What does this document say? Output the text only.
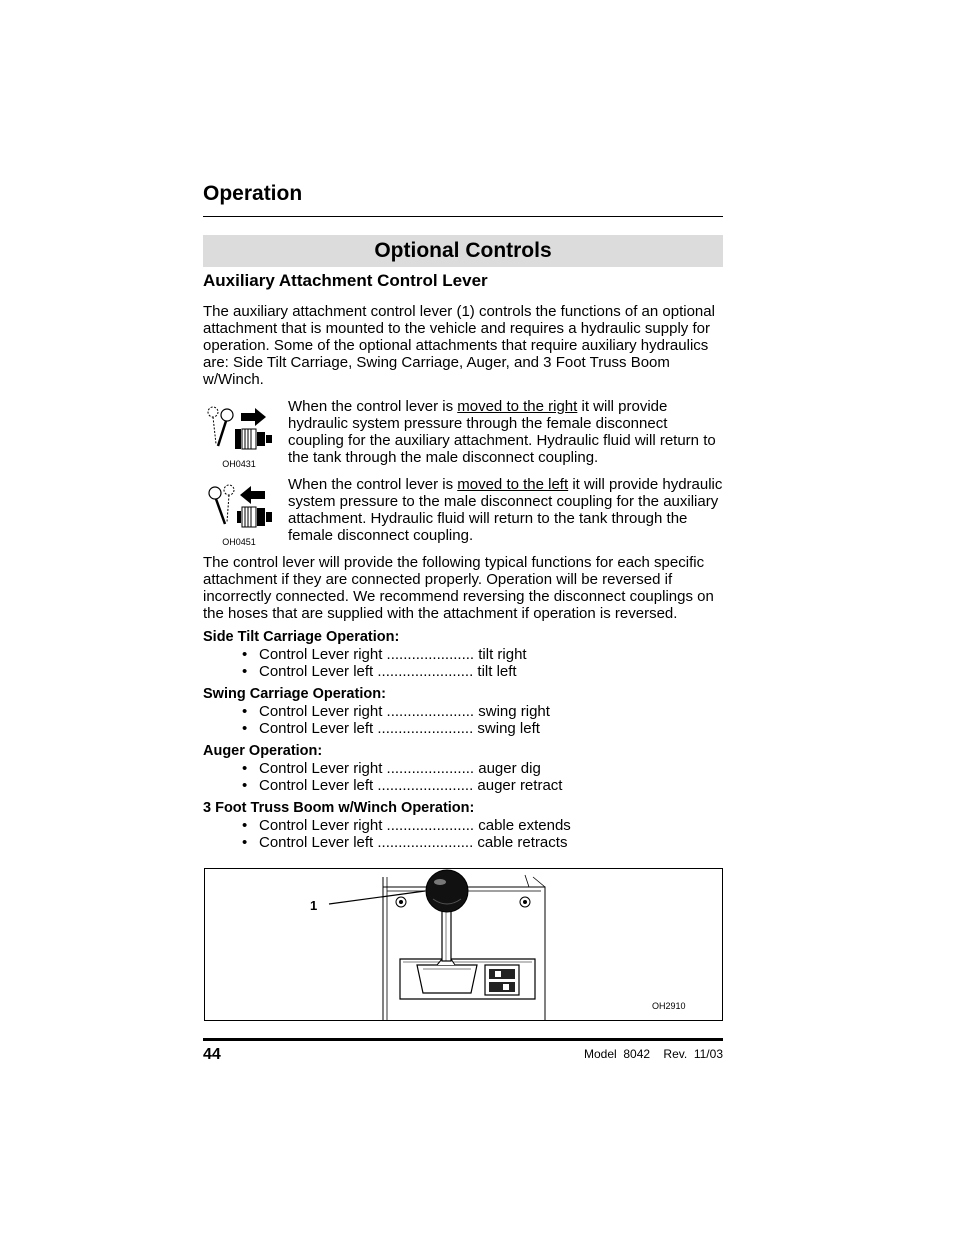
Operation
Optional Controls
Auxiliary Attachment Control Lever

The auxiliary attachment control lever (1) controls the functions of an optional attachment that is mounted to the vehicle and requires a hydraulic supply for operation. Some of the optional attachments that require auxiliary hydraulics are: Side Tilt Carriage, Swing Carriage, Auger, and 3 Foot Truss Boom w/Winch.

OH0431

When the control lever is moved to the right it will provide hydraulic system pressure through the female disconnect coupling for the auxiliary attachment. Hydraulic fluid will return to the tank through the male disconnect coupling.

OH0451

When the control lever is moved to the left it will provide hydraulic system pressure to the male disconnect coupling for the auxiliary attachment. Hydraulic fluid will return to the tank through the female disconnect coupling.

The control lever will provide the following typical functions for each specific attachment if they are connected properly. Operation will be reversed if incorrectly connected. We recommend reversing the disconnect couplings on the hoses that are supplied with the attachment if operation is reversed.

Side Tilt Carriage Operation:

• Control Lever right ..................... tilt right
• Control Lever left ....................... tilt left

Swing Carriage Operation:

• Control Lever right ..................... swing right
• Control Lever left ....................... swing left

Auger Operation:

• Control Lever right ..................... auger dig
• Control Lever left ....................... auger retract

3 Foot Truss Boom w/Winch Operation:

• Control Lever right ..................... cable extends
• Control Lever left ....................... cable retracts
1
OH2910
44	Model  8042    Rev.  11/03
